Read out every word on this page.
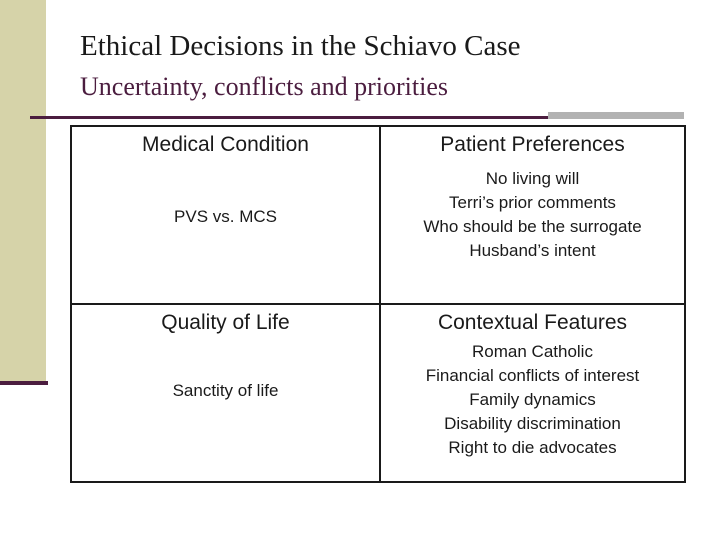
Ethical Decisions in the Schiavo Case
Uncertainty, conflicts and priorities
Medical Condition
PVS vs. MCS
Patient Preferences
No living will
Terri’s prior comments
Who should be the surrogate
Husband’s intent
Quality of Life
Sanctity of life
Contextual Features
Roman Catholic
Financial conflicts of interest
Family dynamics
Disability discrimination
Right to die advocates
